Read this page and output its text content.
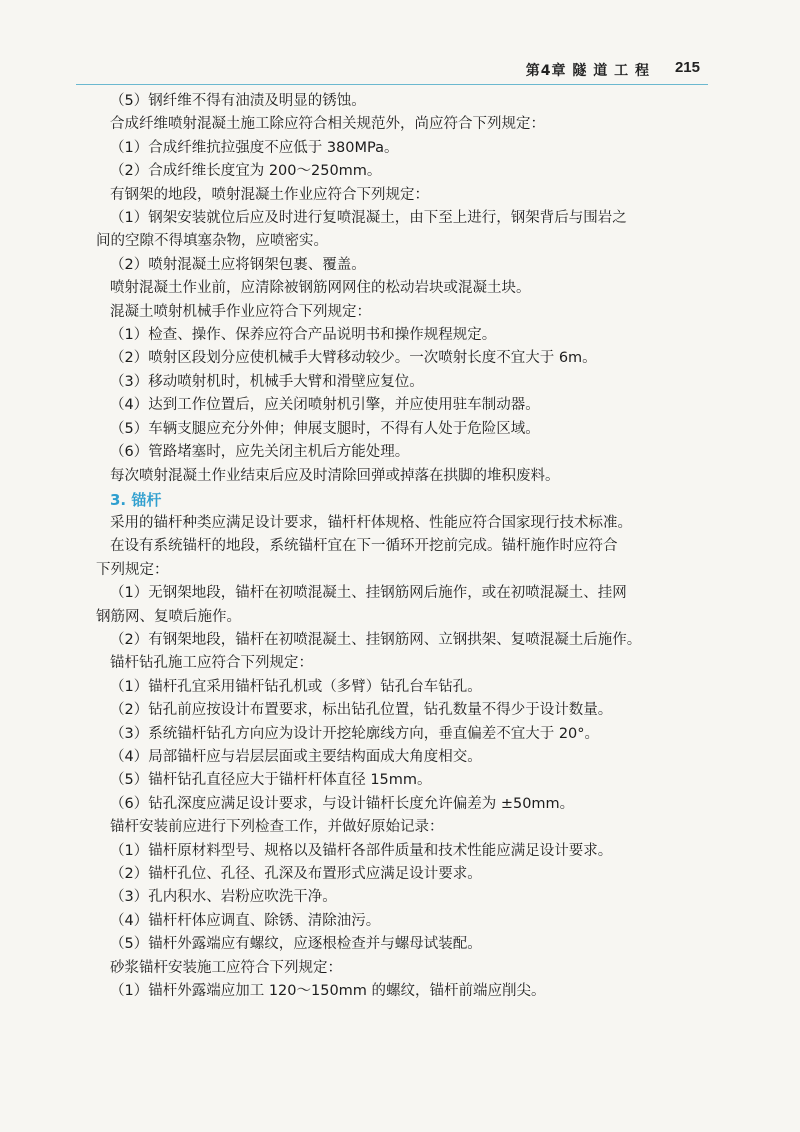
第4章 隧 道 工 程 215

（5）钢纤维不得有油渍及明显的锈蚀。

合成纤维喷射混凝土施工除应符合相关规范外，尚应符合下列规定：

（1）合成纤维抗拉强度不应低于 380MPa。

（2）合成纤维长度宜为 200～250mm。

有钢架的地段，喷射混凝土作业应符合下列规定：

（1）钢架安装就位后应及时进行复喷混凝土，由下至上进行，钢架背后与围岩之

间的空隙不得填塞杂物，应喷密实。

（2）喷射混凝土应将钢架包裹、覆盖。

喷射混凝土作业前，应清除被钢筋网网住的松动岩块或混凝土块。

混凝土喷射机械手作业应符合下列规定：

（1）检查、操作、保养应符合产品说明书和操作规程规定。

（2）喷射区段划分应使机械手大臂移动较少。一次喷射长度不宜大于 6m。

（3）移动喷射机时，机械手大臂和滑壁应复位。

（4）达到工作位置后，应关闭喷射机引擎，并应使用驻车制动器。

（5）车辆支腿应充分外伸；伸展支腿时，不得有人处于危险区域。

（6）管路堵塞时，应先关闭主机后方能处理。

每次喷射混凝土作业结束后应及时清除回弹或掉落在拱脚的堆积废料。

3. 锚杆

采用的锚杆种类应满足设计要求，锚杆杆体规格、性能应符合国家现行技术标准。

在设有系统锚杆的地段，系统锚杆宜在下一循环开挖前完成。锚杆施作时应符合

下列规定：

（1）无钢架地段，锚杆在初喷混凝土、挂钢筋网后施作，或在初喷混凝土、挂网

钢筋网、复喷后施作。

（2）有钢架地段，锚杆在初喷混凝土、挂钢筋网、立钢拱架、复喷混凝土后施作。

锚杆钻孔施工应符合下列规定：

（1）锚杆孔宜采用锚杆钻孔机或（多臂）钻孔台车钻孔。

（2）钻孔前应按设计布置要求，标出钻孔位置，钻孔数量不得少于设计数量。

（3）系统锚杆钻孔方向应为设计开挖轮廓线方向，垂直偏差不宜大于 20°。

（4）局部锚杆应与岩层层面或主要结构面成大角度相交。

（5）锚杆钻孔直径应大于锚杆杆体直径 15mm。

（6）钻孔深度应满足设计要求，与设计锚杆长度允许偏差为 ±50mm。

锚杆安装前应进行下列检查工作，并做好原始记录：

（1）锚杆原材料型号、规格以及锚杆各部件质量和技术性能应满足设计要求。

（2）锚杆孔位、孔径、孔深及布置形式应满足设计要求。

（3）孔内积水、岩粉应吹洗干净。

（4）锚杆杆体应调直、除锈、清除油污。

（5）锚杆外露端应有螺纹，应逐根检查并与螺母试装配。

砂浆锚杆安装施工应符合下列规定：

（1）锚杆外露端应加工 120～150mm 的螺纹，锚杆前端应削尖。
